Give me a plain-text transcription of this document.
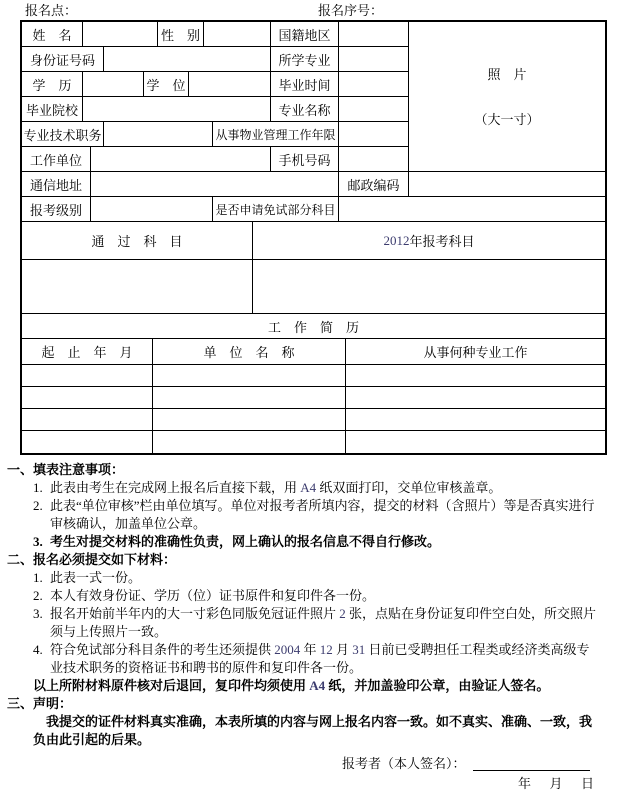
报名点：	报名序号：
姓　名	性　别	国籍地区
身份证号码	所学专业
学　历	学　位	毕业时间
毕业院校	专业名称
专业技术职务	从事物业管理工作年限
工作单位	手机号码
通信地址	邮政编码
报考级别	是否申请免试部分科目
通　过　科　目	2012 年报考科目
工　作　简　历
起　止　年　月	单　位　名　称	从事何种专业工作
照　片
（大一寸）
一、填表注意事项：
1. 此表由考生在完成网上报名后直接下载，用 A4 纸双面打印，交单位审核盖章。
2. 此表“单位审核”栏由单位填写。单位对报考者所填内容，提交的材料（含照片）等是否真实进行审核确认，加盖单位公章。
3. 考生对提交材料的准确性负责，网上确认的报名信息不得自行修改。
二、报名必须提交如下材料：
1. 此表一式一份。
2. 本人有效身份证、学历（位）证书原件和复印件各一份。
3. 报名开始前半年内的大一寸彩色同版免冠证件照片 2 张，点贴在身份证复印件空白处，所交照片须与上传照片一致。
4. 符合免试部分科目条件的考生还须提供 2004 年 12 月 31 日前已受聘担任工程类或经济类高级专业技术职务的资格证书和聘书的原件和复印件各一份。
以上所附材料原件核对后退回，复印件均须使用 A4 纸，并加盖验印公章，由验证人签名。
三、声明：
我提交的证件材料真实准确，本表所填的内容与网上报名内容一致。如不真实、准确、一致，我负由此引起的后果。
报考者（本人签名）：
年 月 日
